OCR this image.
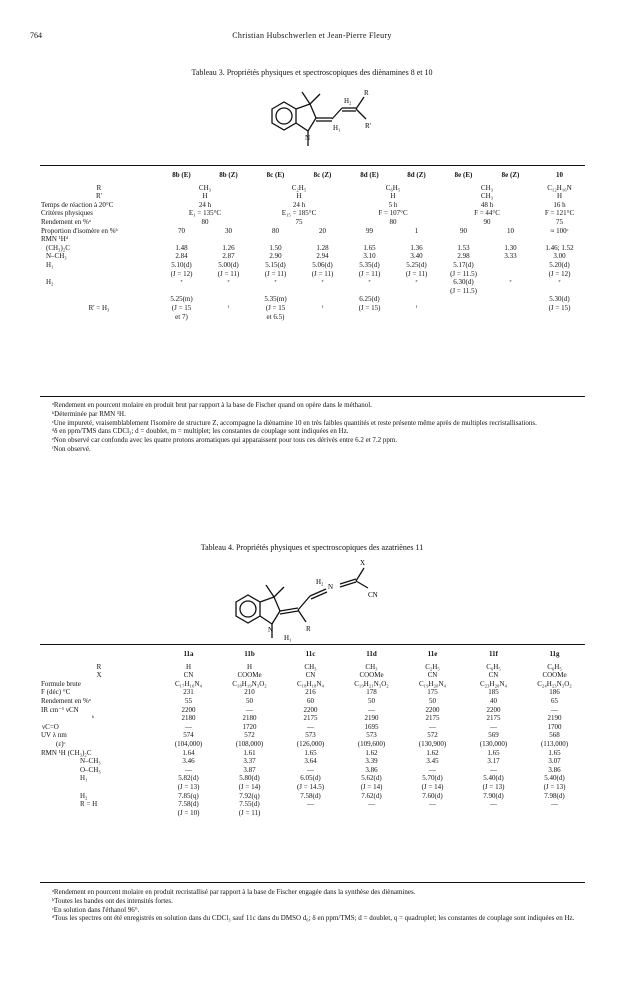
764	Christian Hubschwerlen et Jean-Pierre Fleury
Tableau 3. Propriétés physiques et spectroscopiques des diènamines 8 et 10
H₂
R
H₁	R'
N
	8b (E)	8b (Z)	8c (E)	8c (Z)	8d (E)	8d (Z)	8e (E)	8e (Z)	10
R	CH₃		C₂H₅		C₆H₅		CH₃		C₁₂H₁₆N
R'	H		H		H		CH₃		H
Temps de réaction à 20°C	24 h		24 h		5 h		48 h		16 h
Critères physiques	E₁ = 135°C		E₁₅ = 185°C		F = 107°C		F = 44°C		F = 121°C
Rendement en %ᵃ	80		75		80		90		75
Proportion d'isomère en %ᵇ	70	30	80	20	99	1	90	10	≈ 100ᶜ
RMN ¹Hᵈ									
(CH₃)₂C	1.48	1.26	1.50	1.28	1.65	1.36	1.53	1.30	1.46; 1.52
N–CH₃	2.84	2.87	2.90	2.94	3.10	3.40	2.98	3.33	3.00
H₁	5.10(d)	5.00(d)	5.15(d)	5.06(d)	5.35(d)	5.25(d)	5.17(d)		5.20(d)
	(J = 12)	(J = 11)	(J = 11)	(J = 11)	(J = 11)	(J = 11)	(J = 11.5)		(J = 12)
H₂	ᵉ	ᵉ	ᵉ	ᵉ	ᵉ	ᵉ	6.30(d)	ᵉ	ᵉ
							(J = 11.5)		
	5.25(m)		5.35(m)		6.25(d)				5.30(d)
R' = H₃	(J = 15	ᶠ	(J = 15	ᶠ	(J = 15)	ᶠ			(J = 15)
	et 7)		et 6.5)						

ᵃRendement en pourcent molaire en produit brut par rapport à la base de Fischer quand on opère dans le méthanol.

ᵇDéterminée par RMN ¹H.

ᶜUne impureté, vraisemblablement l'isomère de structure Z, accompagne la diènamine 10 en très faibles quantités et reste présente même après de multiples recristallisations.

ᵈδ en ppm/TMS dans CDCl₃; d = doublet, m = multiplet; les constantes de couplage sont indiquées en Hz.

ᵉNon observé car confondu avec les quatre protons aromatiques qui apparaissent pour tous ces dérivés entre 6.2 et 7.2 ppm.

ᶠNon observé.

Tableau 4. Propriétés physiques et spectroscopiques des azatriènes 11
X
H₂
N
CN
R
H₁
N
	11a	11b	11c	11d	11e	11f	11g
R	H	H	CH₃	CH₃	C₂H₅	C₆H₅	C₆H₅
X	CN	COOMe	CN	COOMe	CN	CN	COOMe
Formule brute	C₁₇H₁₆N₄	C₁₈H₁₉N₃O₂	C₁₈H₁₈N₄	C₁₉H₂₁N₃O₂	C₁₉H₂₀N₄	C₂₃H₂₀N₄	C₂₄H₂₃N₃O₂
F (déc) °C	231	210	216	178	175	185	186
Rendement en %ᵃ	55	50	60	50	50	40	65
IR cm⁻¹ νCN	2200	—	2200	—	2200	2200	—
ᵇ	2180	2180	2175	2190	2175	2175	2190
νC=O	—	1720	—	1695	—	—	1700
UV λ nm	574	572	573	573	572	569	568
(ε)ᶜ	(104,000)	(108,000)	(126,000)	(109,600)	(130,900)	(130,000)	(113,000)
RMN ¹H (CH₃)₂C	1.64	1.61	1.65	1.62	1.62	1.65	1.65
N–CH₃	3.46	3.37	3.64	3.39	3.45	3.17	3.07
O–CH₃	—	3.87	—	3.86	—	—	3.86
H₁	5.82(d)	5.80(d)	6.05(d)	5.62(d)	5.70(d)	5.40(d)	5.40(d)
	(J = 13)	(J = 14)	(J = 14.5)	(J = 14)	(J = 14)	(J = 13)	(J = 13)
H₂	7.85(q)	7.92(q)	7.58(d)	7.62(d)	7.60(d)	7.90(d)	7.98(d)
R = H	7.58(d)	7.55(d)	—	—	—	—	—
	(J = 10)	(J = 11)					

ᵃRendement en pourcent molaire en produit recristallisé par rapport à la base de Fischer engagée dans la synthèse des diènamines.

ᵇToutes les bandes ont des intensités fortes.

ᶜEn solution dans l'éthanol 96°.

ᵈTous les spectres ont été enregistrés en solution dans du CDCl₃ sauf 11c dans du DMSO d₆; δ en ppm/TMS; d = doublet, q = quadruplet; les constantes de couplage sont indiquées en Hz.
